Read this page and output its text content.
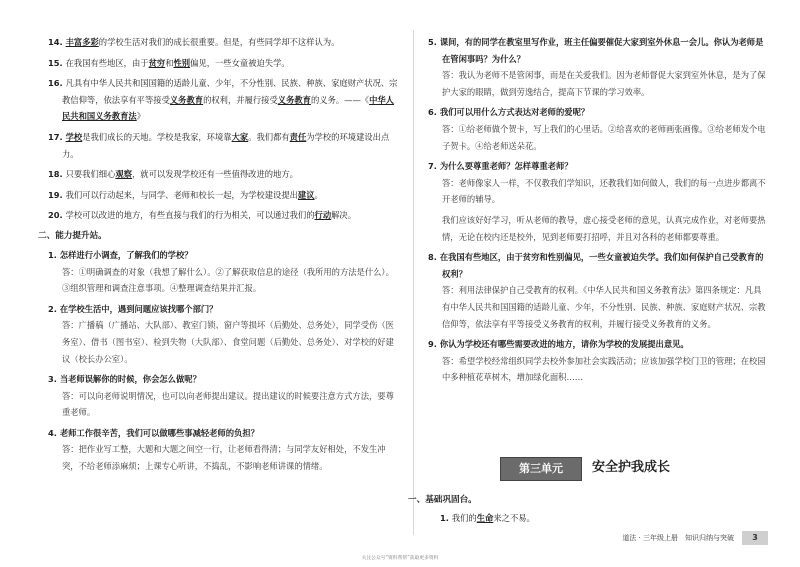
14. 丰富多彩的学校生活对我们的成长很重要。但是，有些同学却不这样认为。
15. 在我国有些地区，由于贫穷和性别偏见，一些女童被迫失学。
16. 凡具有中华人民共和国国籍的适龄儿童、少年，不分性别、民族、种族、家庭财产状况、宗教信仰等，依法享有平等接受义务教育的权利，并履行接受义务教育的义务。——《中华人民共和国义务教育法》
17. 学校是我们成长的天地。学校是我家，环境靠大家。我们都有责任为学校的环境建设出点力。
18. 只要我们细心观察，就可以发现学校还有一些值得改进的地方。
19. 我们可以行动起来，与同学、老师和校长一起，为学校建设提出建议。
20. 学校可以改进的地方，有些直接与我们的行为相关，可以通过我们的行动解决。
二、能力提升站。
1. 怎样进行小调查，了解我们的学校？
答：①明确调查的对象（我想了解什么）。②了解获取信息的途径（我所用的方法是什么）。③组织管理和调查注意事项。④整理调查结果并汇报。
2. 在学校生活中，遇到问题应该找哪个部门？
答：广播稿（广播站、大队部）、教室门锁、窗户等损坏（后勤处、总务处），同学受伤（医务室）、借书（图书室）、检到失物（大队部）、食堂问题（后勤处、总务处）、对学校的好建议（校长办公室）。
3. 当老师误解你的时候，你会怎么做呢？
答：可以向老师说明情况，也可以向老师提出建议。提出建议的时候要注意方式方法，要尊重老师。
4. 老师工作很辛苦，我们可以做哪些事减轻老师的负担？
答：把作业写工整，大题和大题之间空一行，让老师看得清；与同学友好相处，不发生冲突，不给老师添麻烦；上课专心听讲，不捣乱，不影响老师讲课的情绪。
5. 课间，有的同学在教室里写作业，班主任偏要催促大家到室外休息一会儿。你认为老师是在管闲事吗？为什么？
答：我认为老师不是管闲事，而是在关爱我们。因为老师督促大家到室外休息，是为了保护大家的眼睛，做到劳逸结合，提高下节课的学习效率。
6. 我们可以用什么方式表达对老师的爱呢？
答：①给老师做个贺卡，写上我们的心里话。②给喜欢的老师画张画像。③给老师发个电子贺卡。④给老师送朵花。
7. 为什么要尊重老师？怎样尊重老师？
答：老师像家人一样，不仅教我们学知识，还教我们如何做人，我们的每一点进步都离不开老师的辅导。
我们应该好好学习，听从老师的教导，虚心接受老师的意见，认真完成作业，对老师要热情，无论在校内还是校外，见到老师要打招呼，并且对各科的老师都要尊重。
8. 在我国有些地区，由于贫穷和性别偏见，一些女童被迫失学。我们如何保护自己受教育的权利？
答：利用法律保护自己受教育的权利。《中华人民共和国义务教育法》第四条规定：凡具有中华人民共和国国籍的适龄儿童、少年，不分性别、民族、种族、家庭财产状况、宗教信仰等，依法享有平等接受义务教育的权利，并履行接受义务教育的义务。
9. 你认为学校还有哪些需要改进的地方，请你为学校的发展提出意见。
答：希望学校经常组织同学去校外参加社会实践活动；应该加强学校门卫的管理；在校园中多种植花草树木，增加绿化面积……
第三单元	安全护我成长
一、基础巩固台。
1. 我们的生命来之不易。
道法 · 三年级上册　知识归纳与突破	3
关注公众号“资料帮帮”获取更多资料
